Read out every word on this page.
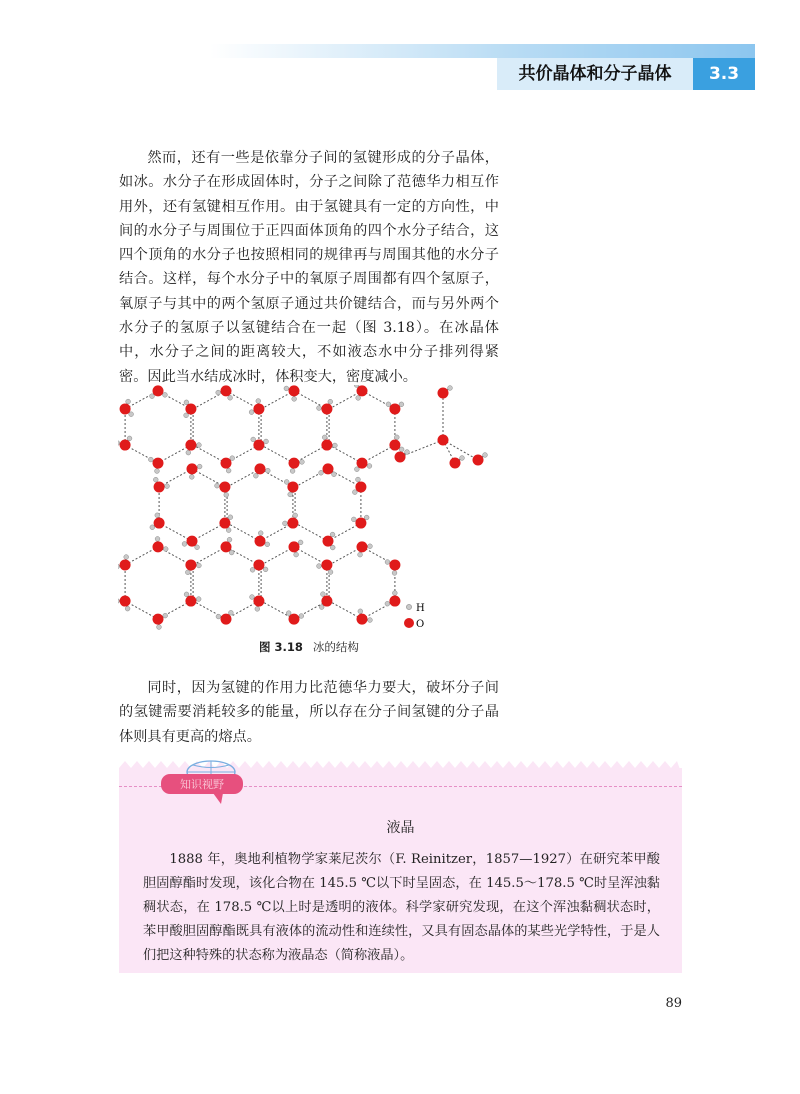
共价晶体和分子晶体	3.3

然而，还有一些是依靠分子间的氢键形成的分子晶体，如冰。水分子在形成固体时，分子之间除了范德华力相互作用外，还有氢键相互作用。由于氢键具有一定的方向性，中间的水分子与周围位于正四面体顶角的四个水分子结合，这四个顶角的水分子也按照相同的规律再与周围其他的水分子结合。这样，每个水分子中的氧原子周围都有四个氢原子，氧原子与其中的两个氢原子通过共价键结合，而与另外两个水分子的氢原子以氢键结合在一起（图 3.18）。在冰晶体中，水分子之间的距离较大，不如液态水中分子排列得紧密。因此当水结成冰时，体积变大，密度减小。

H
O
图 3.18 冰的结构

同时，因为氢键的作用力比范德华力要大，破坏分子间的氢键需要消耗较多的能量，所以存在分子间氢键的分子晶体则具有更高的熔点。

知识视野
液晶

1888 年，奥地利植物学家莱尼茨尔（F. Reinitzer，1857—1927）在研究苯甲酸胆固醇酯时发现，该化合物在 145.5 ℃以下时呈固态，在 145.5～178.5 ℃时呈浑浊黏稠状态，在 178.5 ℃以上时是透明的液体。科学家研究发现，在这个浑浊黏稠状态时，苯甲酸胆固醇酯既具有液体的流动性和连续性，又具有固态晶体的某些光学特性，于是人们把这种特殊的状态称为液晶态（简称液晶）。

89
